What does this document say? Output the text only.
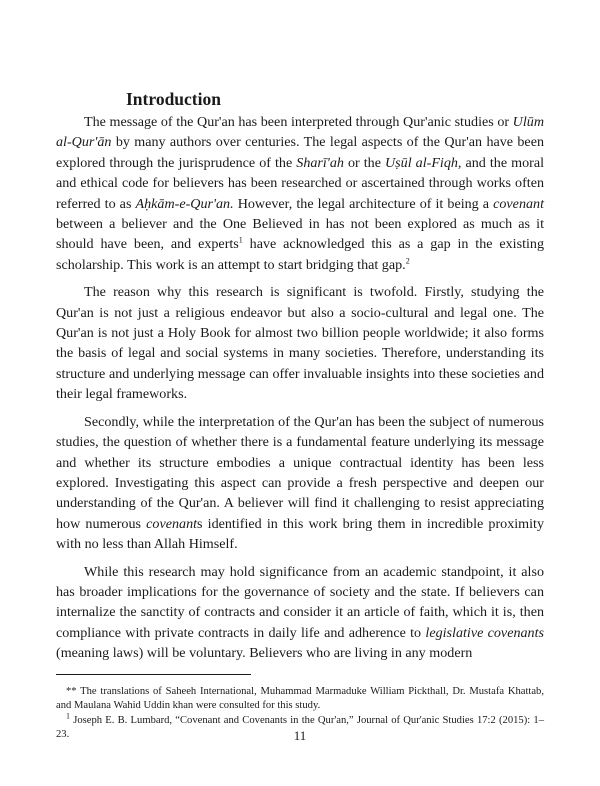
Introduction

The message of the Qur'an has been interpreted through Qur'anic studies or Ulūm al-Qur'ān by many authors over centuries. The legal aspects of the Qur'an have been explored through the jurisprudence of the Sharī'ah or the Uṣūl al-Fiqh, and the moral and ethical code for believers has been researched or ascertained through works often referred to as Aḥkām-e-Qur'an. However, the legal architecture of it being a covenant between a believer and the One Believed in has not been explored as much as it should have been, and experts$^1$ have acknowledged this as a gap in the existing scholarship. This work is an attempt to start bridging that gap.$^2$

The reason why this research is significant is twofold. Firstly, studying the Qur'an is not just a religious endeavor but also a socio-cultural and legal one. The Qur'an is not just a Holy Book for almost two billion people worldwide; it also forms the basis of legal and social systems in many societies. Therefore, understanding its structure and underlying message can offer invaluable insights into these societies and their legal frameworks.

Secondly, while the interpretation of the Qur'an has been the subject of numerous studies, the question of whether there is a fundamental feature underlying its message and whether its structure embodies a unique contractual identity has been less explored. Investigating this aspect can provide a fresh perspective and deepen our understanding of the Qur'an. A believer will find it challenging to resist appreciating how numerous covenants identified in this work bring them in incredible proximity with no less than Allah Himself.

While this research may hold significance from an academic standpoint, it also has broader implications for the governance of society and the state. If believers can internalize the sanctity of contracts and consider it an article of faith, which it is, then compliance with private contracts in daily life and adherence to legislative covenants (meaning laws) will be voluntary. Believers who are living in any modern

** The translations of Saheeh International, Muhammad Marmaduke William Pickthall, Dr. Mustafa Khattab, and Maulana Wahid Uddin khan were consulted for this study.

$^1$ Joseph E. B. Lumbard, “Covenant and Covenants in the Qur'an,” Journal of Qur'anic Studies 17:2 (2015): 1–23.	11
